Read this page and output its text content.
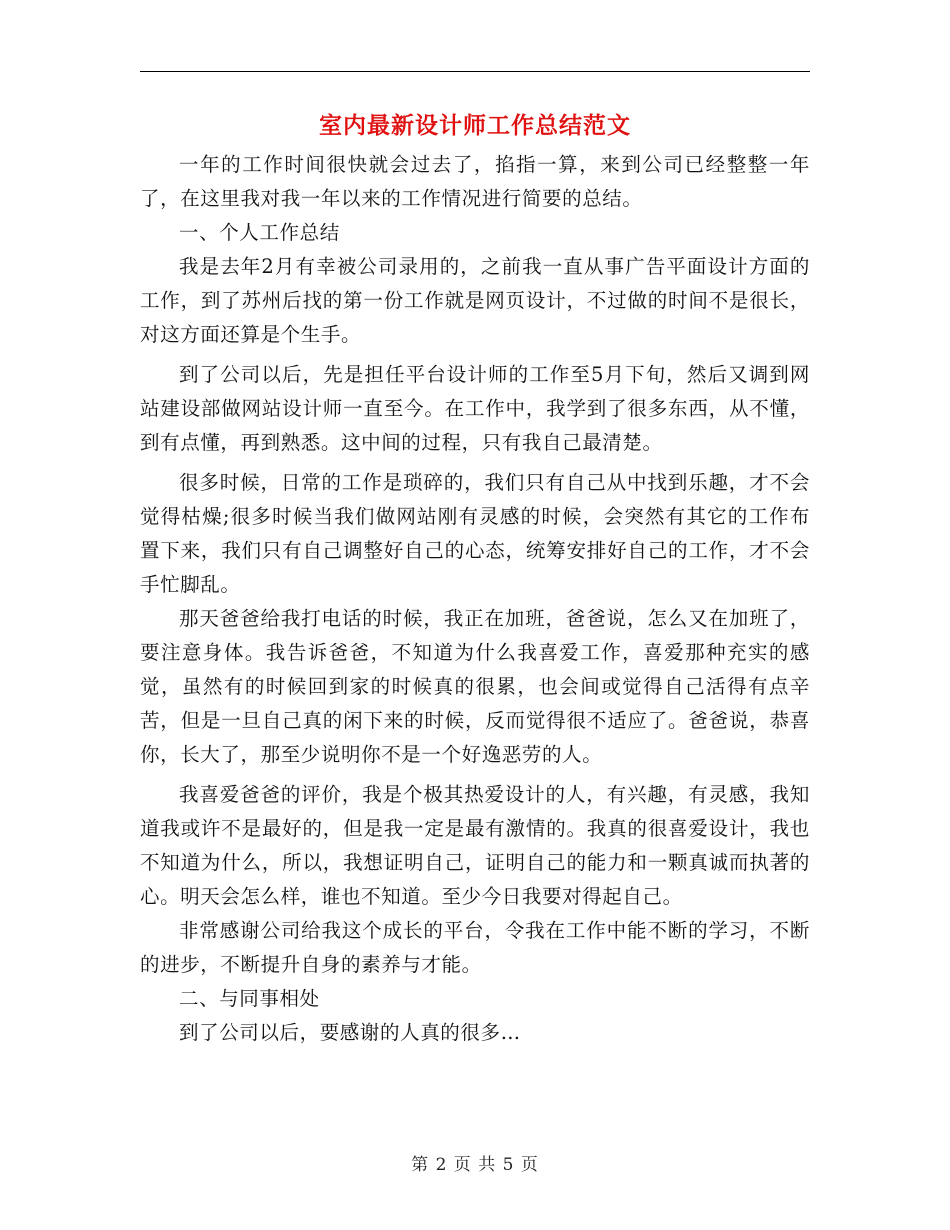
室内最新设计师工作总结范文

一年的工作时间很快就会过去了，掐指一算，来到公司已经整整一年了，在这里我对我一年以来的工作情况进行简要的总结。

一、个人工作总结

我是去年2月有幸被公司录用的，之前我一直从事广告平面设计方面的工作，到了苏州后找的第一份工作就是网页设计，不过做的时间不是很长，对这方面还算是个生手。

到了公司以后，先是担任平台设计师的工作至5月下旬，然后又调到网站建设部做网站设计师一直至今。在工作中，我学到了很多东西，从不懂，到有点懂，再到熟悉。这中间的过程，只有我自己最清楚。

很多时候，日常的工作是琐碎的，我们只有自己从中找到乐趣，才不会觉得枯燥;很多时候当我们做网站刚有灵感的时候，会突然有其它的工作布置下来，我们只有自己调整好自己的心态，统筹安排好自己的工作，才不会手忙脚乱。

那天爸爸给我打电话的时候，我正在加班，爸爸说，怎么又在加班了，要注意身体。我告诉爸爸，不知道为什么我喜爱工作，喜爱那种充实的感觉，虽然有的时候回到家的时候真的很累，也会间或觉得自己活得有点辛苦，但是一旦自己真的闲下来的时候，反而觉得很不适应了。爸爸说，恭喜你，长大了，那至少说明你不是一个好逸恶劳的人。

我喜爱爸爸的评价，我是个极其热爱设计的人，有兴趣，有灵感，我知道我或许不是最好的，但是我一定是最有激情的。我真的很喜爱设计，我也不知道为什么，所以，我想证明自己，证明自己的能力和一颗真诚而执著的心。明天会怎么样，谁也不知道。至少今日我要对得起自己。

非常感谢公司给我这个成长的平台，令我在工作中能不断的学习，不断的进步，不断提升自身的素养与才能。

二、与同事相处

到了公司以后，要感谢的人真的很多…

第 2 页 共 5 页
